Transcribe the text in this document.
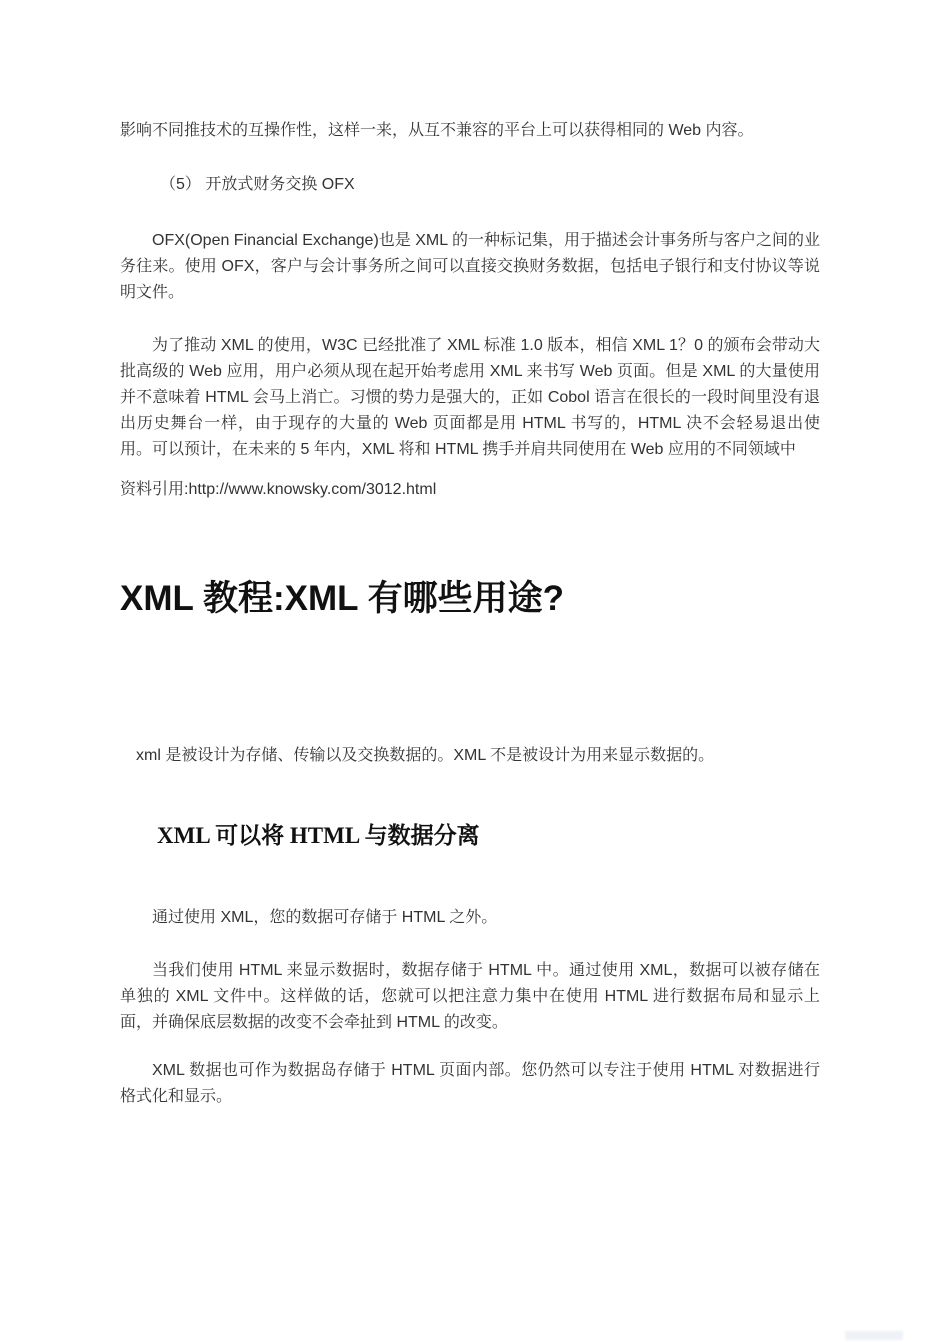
影响不同推技术的互操作性，这样一来，从互不兼容的平台上可以获得相同的 Web 内容。

（5） 开放式财务交换 OFX

OFX(Open Financial Exchange)也是 XML 的一种标记集，用于描述会计事务所与客户之间的业务往来。使用 OFX，客户与会计事务所之间可以直接交换财务数据，包括电子银行和支付协议等说明文件。

为了推动 XML 的使用，W3C 已经批准了 XML 标准 1.0 版本，相信 XML 1？0 的颁布会带动大批高级的 Web 应用，用户必须从现在起开始考虑用 XML 来书写 Web 页面。但是 XML 的大量使用并不意味着 HTML 会马上消亡。习惯的势力是强大的，正如 Cobol 语言在很长的一段时间里没有退出历史舞台一样，由于现存的大量的 Web 页面都是用 HTML 书写的，HTML 决不会轻易退出使用。可以预计，在未来的 5 年内，XML 将和 HTML 携手并肩共同使用在 Web 应用的不同领域中

资料引用:http://www.knowsky.com/3012.html

XML 教程:XML 有哪些用途?

xml 是被设计为存储、传输以及交换数据的。XML 不是被设计为用来显示数据的。

XML 可以将 HTML 与数据分离

通过使用 XML，您的数据可存储于 HTML 之外。

当我们使用 HTML 来显示数据时，数据存储于 HTML 中。通过使用 XML，数据可以被存储在单独的 XML 文件中。这样做的话，您就可以把注意力集中在使用 HTML 进行数据布局和显示上面，并确保底层数据的改变不会牵扯到 HTML 的改变。

XML 数据也可作为数据岛存储于 HTML 页面内部。您仍然可以专注于使用 HTML 对数据进行格式化和显示。
